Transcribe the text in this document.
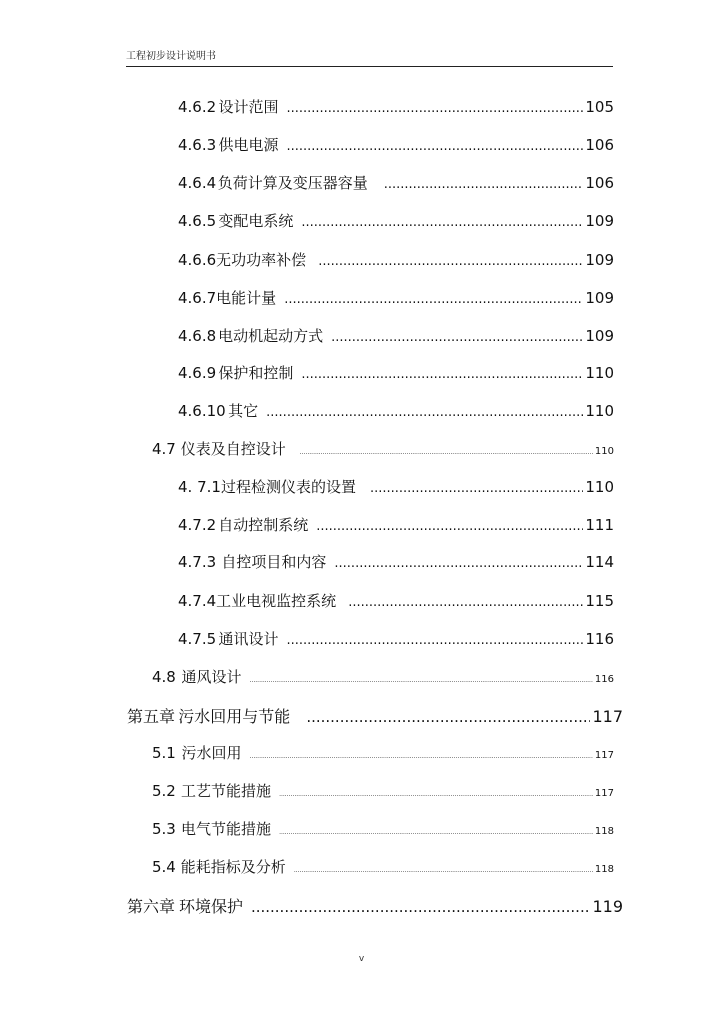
工程初步设计说明书
4.6.2 设计范围 .....	105
4.6.3 供电电源 .....	106
4.6.4 负荷计算及变压器容量 .....	106
4.6.5 变配电系统 .....	109
4.6.6 无功功率补偿 .....	109
4.6.7 电能计量 .....	109
4.6.8 电动机起动方式 .....	109
4.6.9 保护和控制 .....	110
4.6.10 其它 .....	110
4.7 仪表及自控设计 .....	110
4. 7.1 过程检测仪表的设置 .....	110
4.7.2 自动控制系统 .....	111
4.7.3 自控项目和内容 .....	114
4.7.4 工业电视监控系统 .....	115
4.7.5 通讯设计 .....	116
4.8 通风设计 .....	116
第五章 污水回用与节能 .....	117
5.1 污水回用 .....	117
5.2 工艺节能措施 .....	117
5.3 电气节能措施 .....	118
5.4 能耗指标及分析 .....	118
第六章 环境保护 .....	119
v
